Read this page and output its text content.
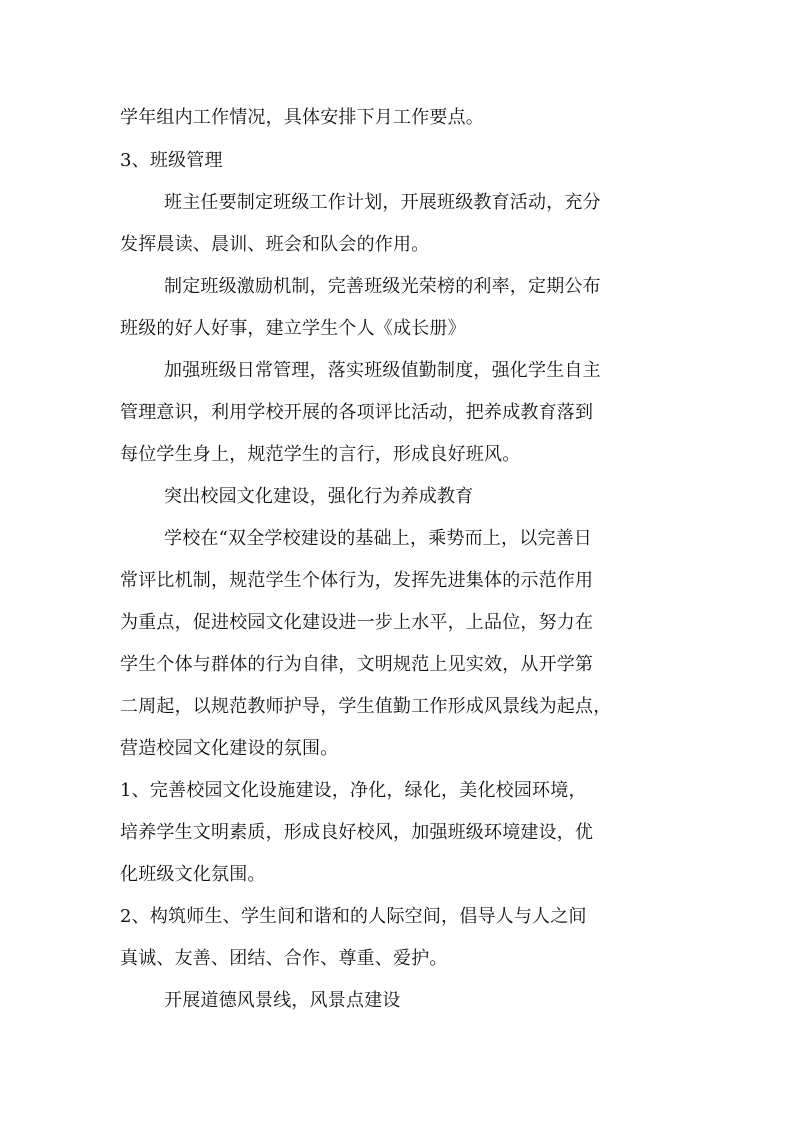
学年组内工作情况，具体安排下月工作要点。
3、班级管理
班主任要制定班级工作计划，开展班级教育活动，充分
发挥晨读、晨训、班会和队会的作用。
制定班级激励机制，完善班级光荣榜的利率，定期公布
班级的好人好事，建立学生个人《成长册》
加强班级日常管理，落实班级值勤制度，强化学生自主
管理意识，利用学校开展的各项评比活动，把养成教育落到
每位学生身上，规范学生的言行，形成良好班风。
突出校园文化建设，强化行为养成教育
学校在“双全学校建设的基础上，乘势而上，以完善日
常评比机制，规范学生个体行为，发挥先进集体的示范作用
为重点，促进校园文化建设进一步上水平，上品位，努力在
学生个体与群体的行为自律，文明规范上见实效，从开学第
二周起，以规范教师护导，学生值勤工作形成风景线为起点，
营造校园文化建设的氛围。
1、完善校园文化设施建设，净化，绿化，美化校园环境，
培养学生文明素质，形成良好校风，加强班级环境建设，优
化班级文化氛围。
2、构筑师生、学生间和谐和的人际空间，倡导人与人之间
真诚、友善、团结、合作、尊重、爱护。
开展道德风景线，风景点建设
